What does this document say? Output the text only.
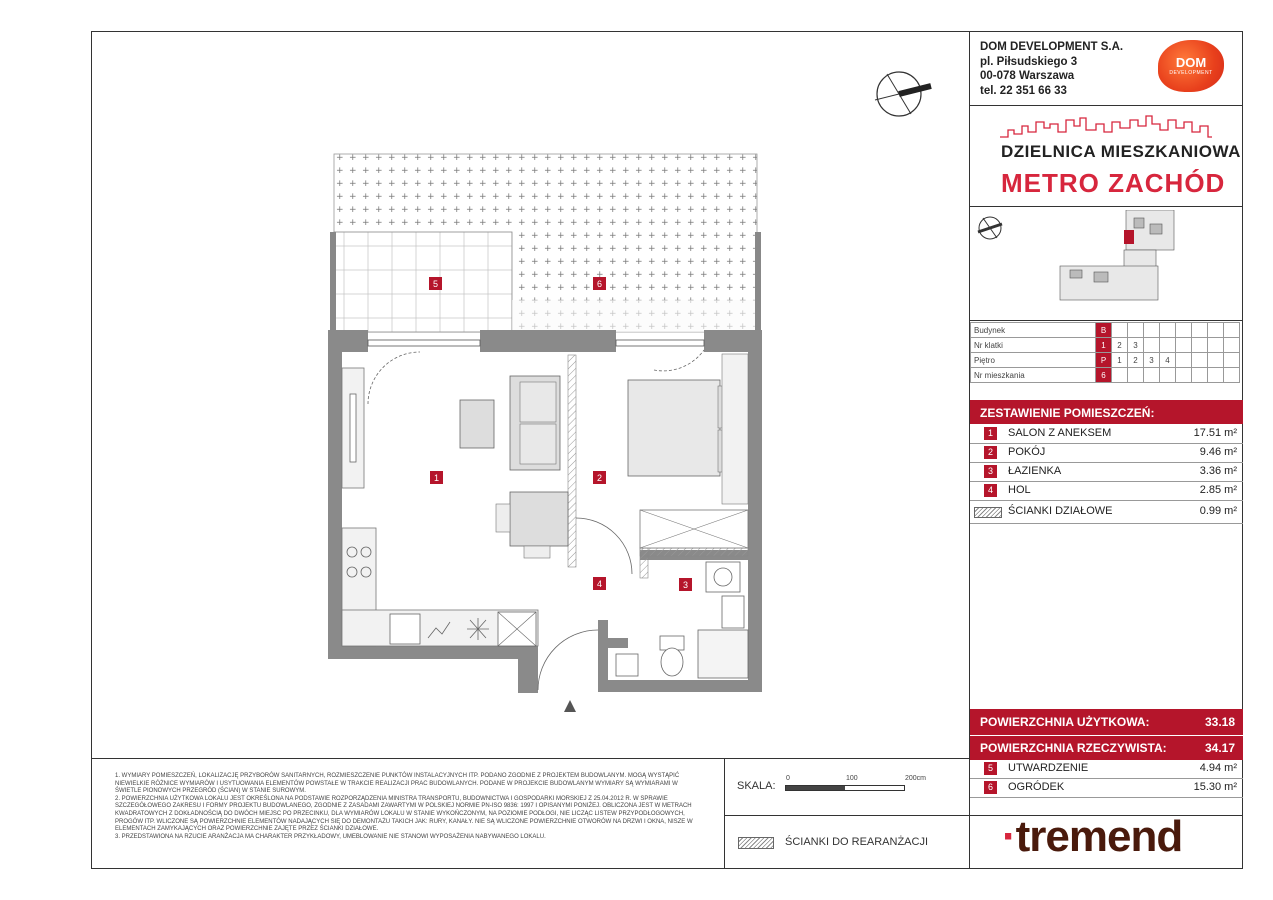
DOM DEVELOPMENT S.A.
pl. Piłsudskiego 3
00-078 Warszawa
tel. 22 351 66 33
DOM
DEVELOPMENT
DZIELNICA MIESZKANIOWA
METRO ZACHÓD
Budynek	B								
Nr klatki	1	2	3						
Piętro	P	1	2	3	4				
Nr mieszkania	6								
ZESTAWIENIE POMIESZCZEŃ:
1	SALON Z ANEKSEM	17.51 m²
2	POKÓJ	9.46 m²
3	ŁAZIENKA	3.36 m²
4	HOL	2.85 m²
ŚCIANKI DZIAŁOWE	0.99 m²
POWIERZCHNIA UŻYTKOWA:	33.18
POWIERZCHNIA RZECZYWISTA:	34.17
5	UTWARDZENIE	4.94 m²
6	OGRÓDEK	15.30 m²
·tremend
SKALA:
0	100	200cm
ŚCIANKI DO REARANŻACJI
1. WYMIARY POMIESZCZEŃ, LOKALIZACJĘ PRZYBORÓW SANITARNYCH, ROZMIESZCZENIE PUNKTÓW INSTALACYJNYCH ITP. PODANO ZGODNIE Z PROJEKTEM BUDOWLANYM. MOGĄ WYSTĄPIĆ NIEWIELKIE RÓŻNICE WYMIARÓW I USYTUOWANIA ELEMENTÓW POWSTAŁE W TRAKCIE REALIZACJI PRAC BUDOWLANYCH. PODANE W PROJEKCIE BUDOWLANYM WYMIARY SĄ WYMIARAMI W ŚWIETLE PIONOWYCH PRZEGRÓD (ŚCIAN) W STANIE SUROWYM.
2. POWIERZCHNIA UŻYTKOWA LOKALU JEST OKREŚLONA NA PODSTAWIE ROZPORZĄDZENIA MINISTRA TRANSPORTU, BUDOWNICTWA I GOSPODARKI MORSKIEJ Z 25.04.2012 R. W SPRAWIE SZCZEGÓŁOWEGO ZAKRESU I FORMY PROJEKTU BUDOWLANEGO, ZGODNIE Z ZASADAMI ZAWARTYMI W POLSKIEJ NORMIE PN-ISO 9836: 1997 I OPISANYMI PONIŻEJ. OBLICZONA JEST W METRACH KWADRATOWYCH Z DOKŁADNOŚCIĄ DO DWÓCH MIEJSC PO PRZECINKU, DLA WYMIARÓW LOKALU W STANIE WYKOŃCZONYM, NA POZIOMIE PODŁOGI, NIE LICZĄC LISTEW PRZYPODŁOGOWYCH, PROGÓW ITP. WLICZONE SĄ POWIERZCHNIE ELEMENTÓW NADAJĄCYCH SIĘ DO DEMONTAŻU TAKICH JAK: RURY, KANAŁY. NIE SĄ WLICZONE POWIERZCHNIE OTWORÓW NA DRZWI I OKNA, NISZE W ELEMENTACH ZAMYKAJĄCYCH ORAZ POWIERZCHNIE ZAJĘTE PRZEZ ŚCIANKI DZIAŁOWE.
3. PRZEDSTAWIONA NA RZUCIE ARANŻACJA MA CHARAKTER PRZYKŁADOWY, UMEBLOWANIE NIE STANOWI WYPOSAŻENIA NABYWANEGO LOKALU.
1	2
3
4
5	6
